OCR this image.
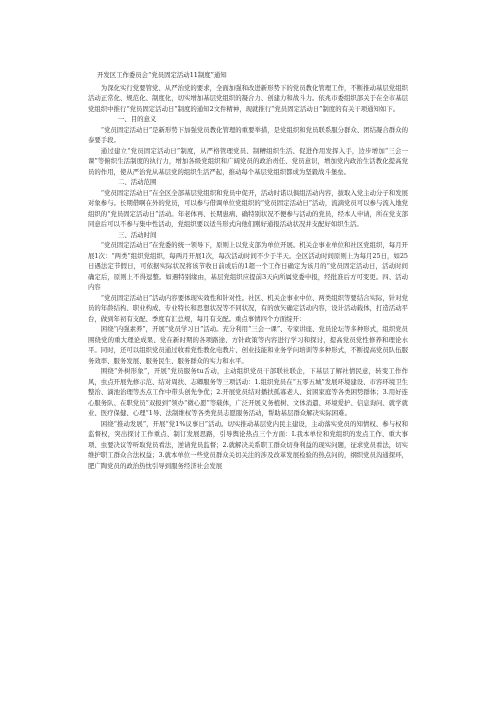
开发区工作委员会“党员固定活动11制度”通知
为深化实行党要管党、从严治党的要求，全面加强和改进新形势下的党员教化管理工作，不断推动基层党组织活动正常化、规范化、制度化，切实增加基层党组织的凝合力、创建力和战斗力。依兆市委组织部关于在全市基层党组织中推行“党员固定活动日”制度的通知2文件精神，现就推行“党员固定活动日”制度的有关干项通知如下。
一、目的意义
“党员固定活动日”是新形势下加强党员教化管理的重要举措，是党组织和党员联系服分群众、团结凝合群众的泰要手段。
通过建立“党员固定活动日”制度，从严格管理党员、制糟组织生活、促进作用发挥入手，边步增加“三会一课”等俯织生活制度的执行力，增加各级党组织和广阔党员的政治责任、党员意识，增加党内政治生活教化提高党员的作用，使从严治党从基层党的组织生活严起，推动每个基层党组织都成为坚毅战斗堡垒。
二、活动范围
“党员固定活动日”在全区全部基层党组织和党员中促开，活动时诺以俱组活动内容，拔取入党主动分子和发展对象参与。长期借啊在外的党员，可以参与借调单位党组织的“党员固定活动日”活动，流滴党员可以参与流入地党组织的“党员固定活动日”活动。年老体再、长期患病、确特别状况不便参与活动的党员，经本人申请，所在党支部同意后可以不参与集中性活动，党组织要以适当形式向他们刚好通报活动状况并支配好如织生活。
三、活动时间
“党员固定活动日”在党委的统一领导下，原则上以党支部为单位开展。机关企事业单位和社区党组织，每月开展1次：“两类”组织党组织，每两月开展1次，每次活动时间不少于半天。全区活动时间原则上为每月25日，如25日遇法定节假日，可依据实际状况将该节收日前或后的1超一个工作日确定为该月的“党员固定活动日，活动时间确定后，原则上不得逗整。如遇特别缘由，基层党组织应提前3天向所属党委申报，经批准后方可变更。四、活动内容
“党员固定活动日”活动内容要体现实效性和针对性。社区、机关企事业中位、两类组织等要结合实际，针对党员的年龄结构、职业构成、专业特长和思想状况等不同状况，有的放矢确定活动内容，设计活动载体，打造活动平台，做到年初有支配、季度有汇总规，每月有支配。重点事情四个方面绽开：
困绕“内强素养”，开展“党员学习日”活动。充分利用“三会一课”、专家讲座、党员论坛等多种形式，组织党员围绕党的重大理论成果、党在新时期的各项路途、方针政策等内容进行学习和探讨，提高党员党性修养和理论水平。同时，还可以组织党员通过收看党性教化电教片、创业技能和业务学问培训等多种形式，不断提高党员队伍服务效率、服务发展、服务民生、服务群众的实力和水平。
围绕“外树形象”，开展“党员服务tu舌动，主动组织党员干部联社联企，下基层了解社情民意，转变工作作风，虫点开展先修示范、结对周扶、志卿服务等三项活动：1.组织党员在“五零五城”发展环境建设、市容环境卫生整治、滴池治理等杰点工作中带头创先争优；2.开展党员结对播扶孤寡老人、贫困家庭等各类困势群体；3.用好连心服务队、在职党员“双报到”领办“微心愿”等载体，广泛开展义务植树、文体消遣、环境爱护、信息询问、就学就业、医疗保健、心理“1导、法制维权等各类党员志愿服务活动，帮助基层群众解决实际困难。
困绕“推动发展”，开展“党1%议事日”活动。切实推动基层党内民主建设，主动落实党员的知情权、参与权和监督权，突出探讨工作重点、制订发展思路，引导舆论热点三个方面：I.我本单位和党组织的发点工作、重大事项、虫要决议等听取党员看法，逆请党员监督；2.就解决关系职工群众切身利益的现实问题，征求党员看法，切实维护职工群众合法权益；3.就本单位一些党员群众关切关注的涉及改革发展检验的热点问的，纲织党员沟通探环，肥广陶党员的政治热忱引导到服务经济社会发展
